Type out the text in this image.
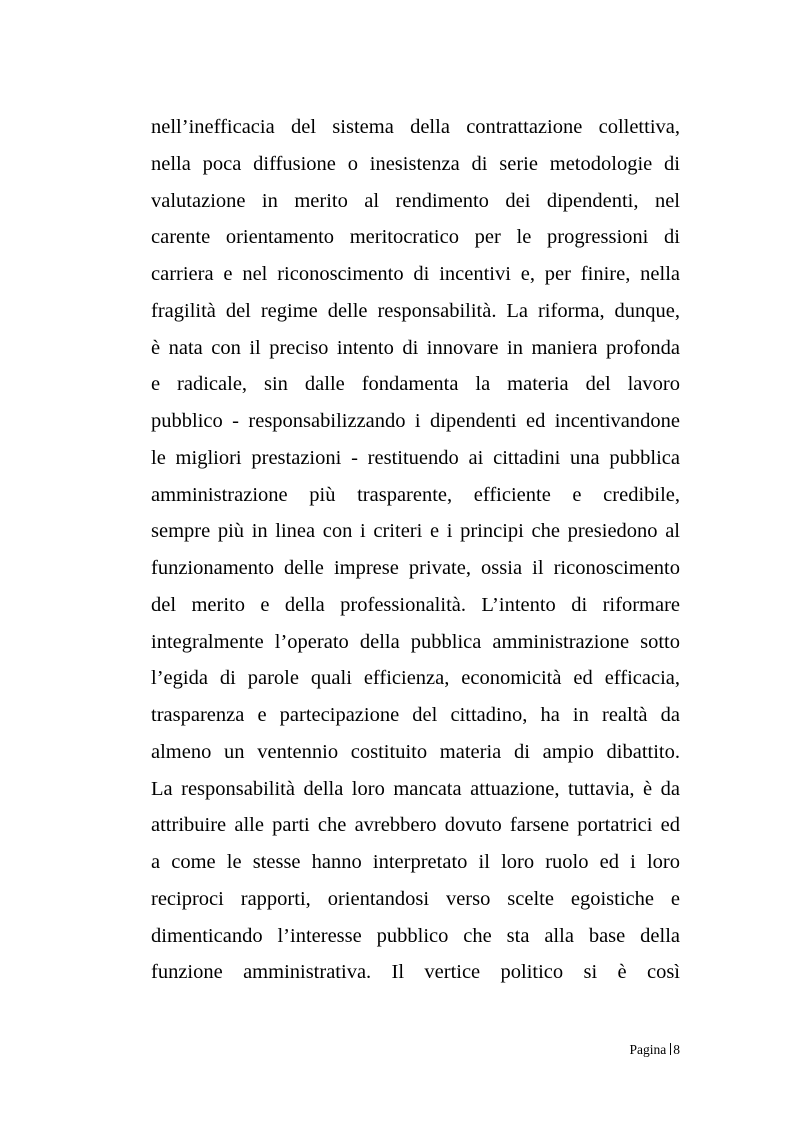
nell’inefficacia del sistema della contrattazione collettiva,
nella poca diffusione o inesistenza di serie metodologie di
valutazione in merito al rendimento dei dipendenti, nel
carente orientamento meritocratico per le progressioni di
carriera e nel riconoscimento di incentivi e, per finire, nella
fragilità del regime delle responsabilità. La riforma, dunque,
è nata con il preciso intento di innovare in maniera profonda
e radicale, sin dalle fondamenta la materia del lavoro
pubblico - responsabilizzando i dipendenti ed incentivandone
le migliori prestazioni - restituendo ai cittadini una pubblica
amministrazione più trasparente, efficiente e credibile,
sempre più in linea con i criteri e i principi che presiedono al
funzionamento delle imprese private, ossia il riconoscimento
del merito e della professionalità. L’intento di riformare
integralmente l’operato della pubblica amministrazione sotto
l’egida di parole quali efficienza, economicità ed efficacia,
trasparenza e partecipazione del cittadino, ha in realtà da
almeno un ventennio costituito materia di ampio dibattito.
La responsabilità della loro mancata attuazione, tuttavia, è da
attribuire alle parti che avrebbero dovuto farsene portatrici ed
a come le stesse hanno interpretato il loro ruolo ed i loro
reciproci rapporti, orientandosi verso scelte egoistiche e
dimenticando l’interesse pubblico che sta alla base della
funzione amministrativa. Il vertice politico si è così
Pagina 8
